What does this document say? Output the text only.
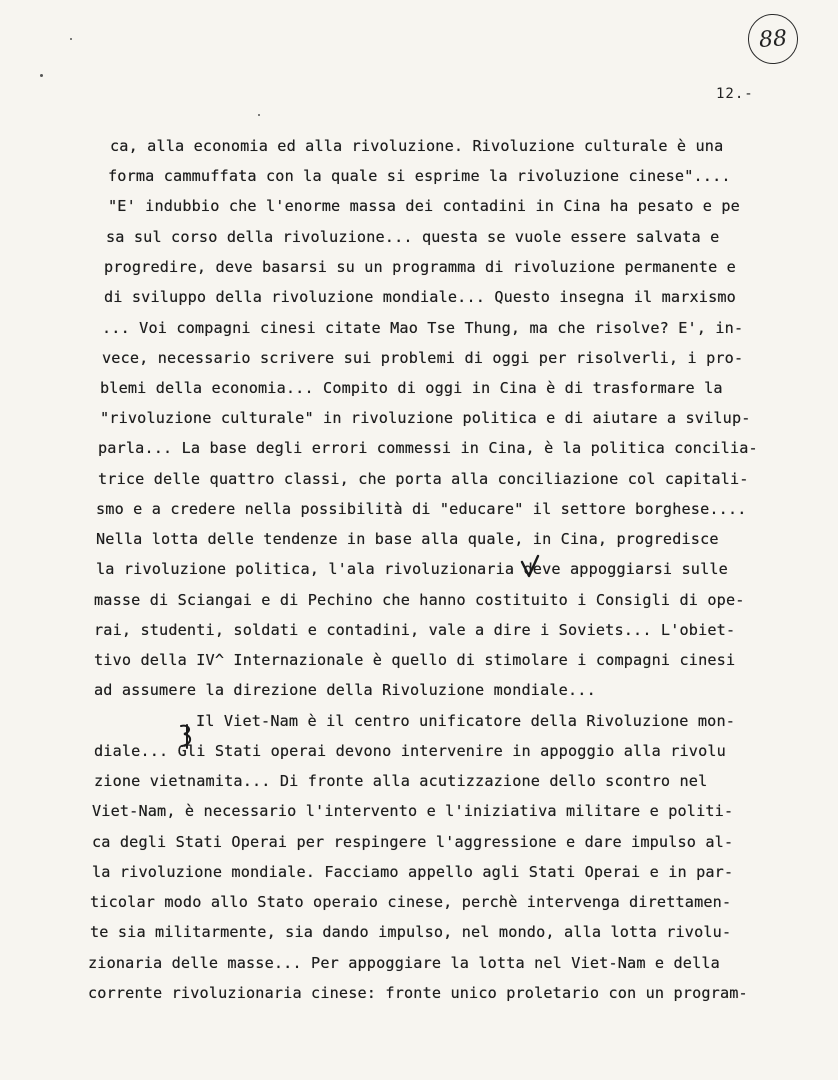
88
12.-
ca, alla economia ed alla rivoluzione. Rivoluzione culturale è una
forma cammuffata con la quale si esprime la rivoluzione cinese"....
"E' indubbio che l'enorme massa dei contadini in Cina ha pesato e pe
sa sul corso della rivoluzione... questa se vuole essere salvata e
progredire, deve basarsi su un programma di rivoluzione permanente e
di sviluppo della rivoluzione mondiale... Questo insegna il marxismo
... Voi compagni cinesi citate Mao Tse Thung, ma che risolve? E', in-
vece, necessario scrivere sui problemi di oggi per risolverli, i pro-
blemi della economia... Compito di oggi in Cina è di trasformare la
"rivoluzione culturale" in rivoluzione politica e di aiutare a svilup-
parla... La base degli errori commessi in Cina, è la politica concilia-
trice delle quattro classi, che porta alla conciliazione col capitali-
smo e a credere nella possibilità di "educare" il settore borghese....
Nella lotta delle tendenze in base alla quale, in Cina, progredisce
la rivoluzione politica, l'ala rivoluzionaria deve appoggiarsi sulle
masse di Sciangai e di Pechino che hanno costituito i Consigli di ope-
rai, studenti, soldati e contadini, vale a dire i Soviets... L'obiet-
tivo della IV^ Internazionale è quello di stimolare i compagni cinesi
ad assumere la direzione della Rivoluzione mondiale...
Il Viet-Nam è il centro unificatore della Rivoluzione mon-
diale... Gli Stati operai devono intervenire in appoggio alla rivolu
zione vietnamita... Di fronte alla acutizzazione dello scontro nel
Viet-Nam, è necessario l'intervento e l'iniziativa militare e politi-
ca degli Stati Operai per respingere l'aggressione e dare impulso al-
la rivoluzione mondiale. Facciamo appello agli Stati Operai e in par-
ticolar modo allo Stato operaio cinese, perchè intervenga direttamen-
te sia militarmente, sia dando impulso, nel mondo, alla lotta rivolu-
zionaria delle masse... Per appoggiare la lotta nel Viet-Nam e della
corrente rivoluzionaria cinese: fronte unico proletario con un program-
